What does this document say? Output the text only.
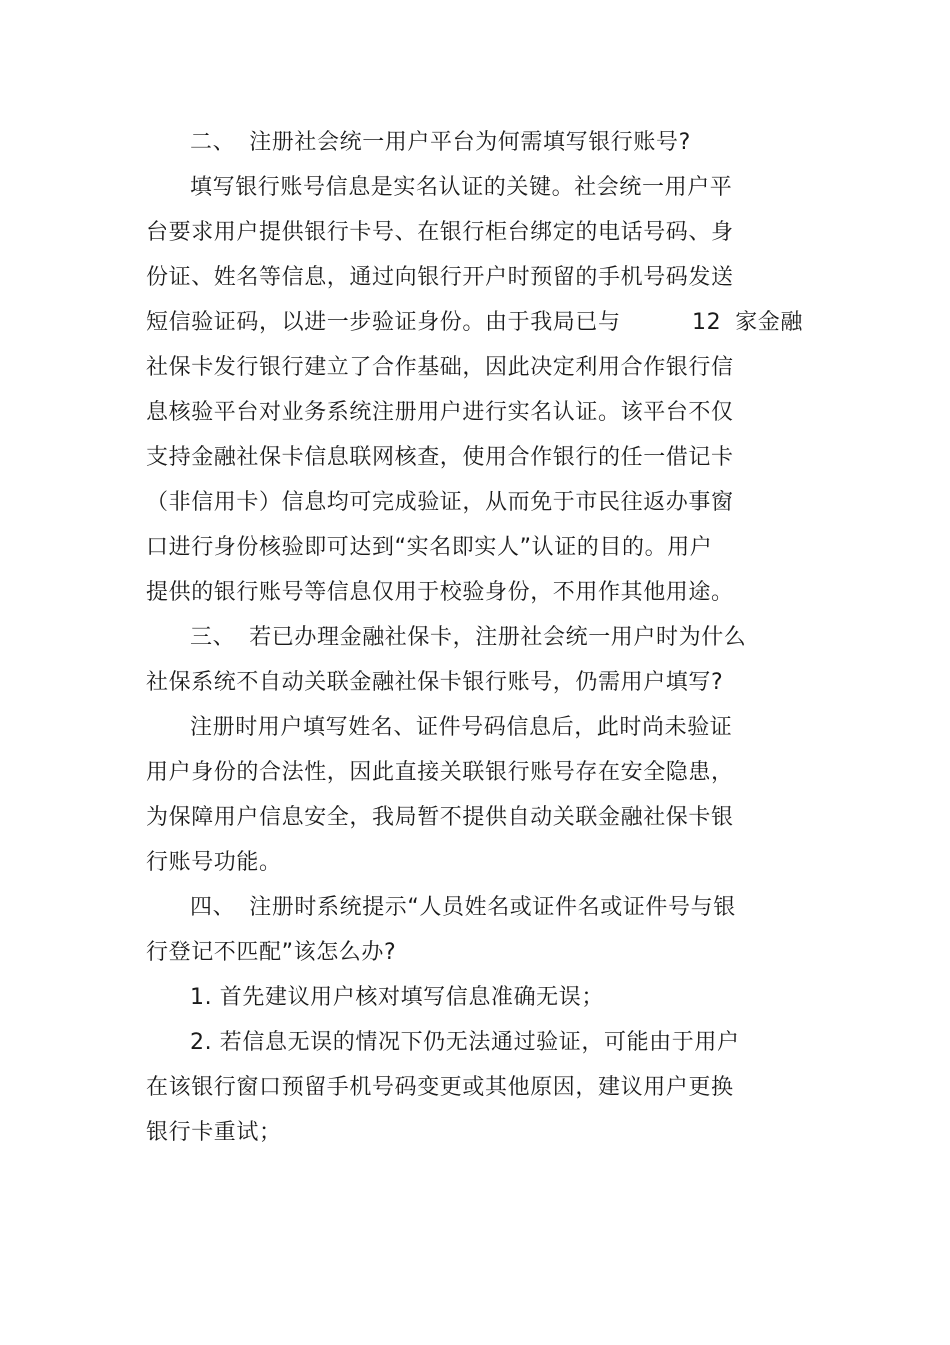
二、 注册社会统一用户平台为何需填写银行账号?
填写银行账号信息是实名认证的关键。社会统一用户平
台要求用户提供银行卡号、在银行柜台绑定的电话号码、身
份证、姓名等信息，通过向银行开户时预留的手机号码发送
短信验证码，以进一步验证身份。由于我局已与	12 家金融
社保卡发行银行建立了合作基础，因此决定利用合作银行信
息核验平台对业务系统注册用户进行实名认证。该平台不仅
支持金融社保卡信息联网核查，使用合作银行的任一借记卡
（非信用卡）信息均可完成验证，从而免于市民往返办事窗
口进行身份核验即可达到“实名即实人”认证的目的。用户
提供的银行账号等信息仅用于校验身份，不用作其他用途。
三、 若已办理金融社保卡，注册社会统一用户时为什么
社保系统不自动关联金融社保卡银行账号，仍需用户填写?
注册时用户填写姓名、证件号码信息后，此时尚未验证
用户身份的合法性，因此直接关联银行账号存在安全隐患，
为保障用户信息安全，我局暂不提供自动关联金融社保卡银
行账号功能。
四、 注册时系统提示“人员姓名或证件名或证件号与银
行登记不匹配”该怎么办?
1. 首先建议用户核对填写信息准确无误；
2. 若信息无误的情况下仍无法通过验证，可能由于用户
在该银行窗口预留手机号码变更或其他原因，建议用户更换
银行卡重试；
